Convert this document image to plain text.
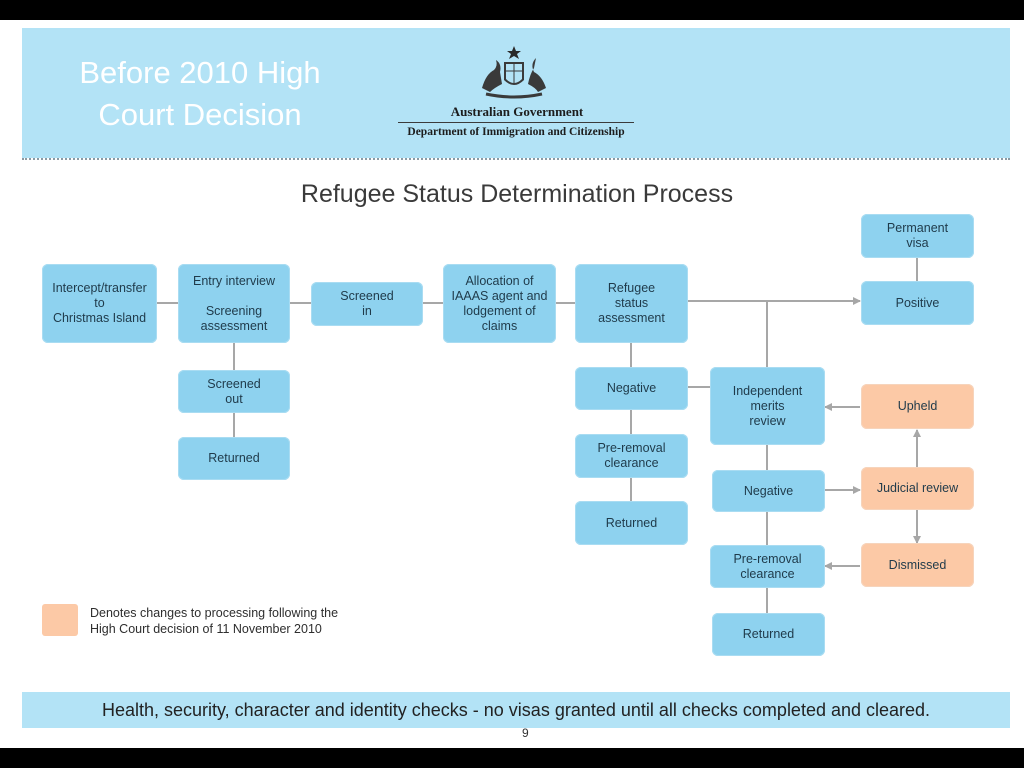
Before 2010 High Court Decision	Australian Government
Department of Immigration and Citizenship
Refugee Status Determination Process
Intercept/transfer
to
Christmas Island
Entry interview

Screening
assessment
Screened
in
Allocation of
IAAAS agent and
lodgement of
claims
Refugee
status
assessment
Permanent
visa
Positive
Screened
out
Returned
Negative
Pre-removal
clearance
Returned
Independent
merits
review
Negative
Pre-removal
clearance
Returned
Upheld
Judicial review
Dismissed
Denotes changes to processing following the
High Court decision of 11 November 2010
Health, security, character and identity checks - no visas granted until all checks completed and cleared.
9
